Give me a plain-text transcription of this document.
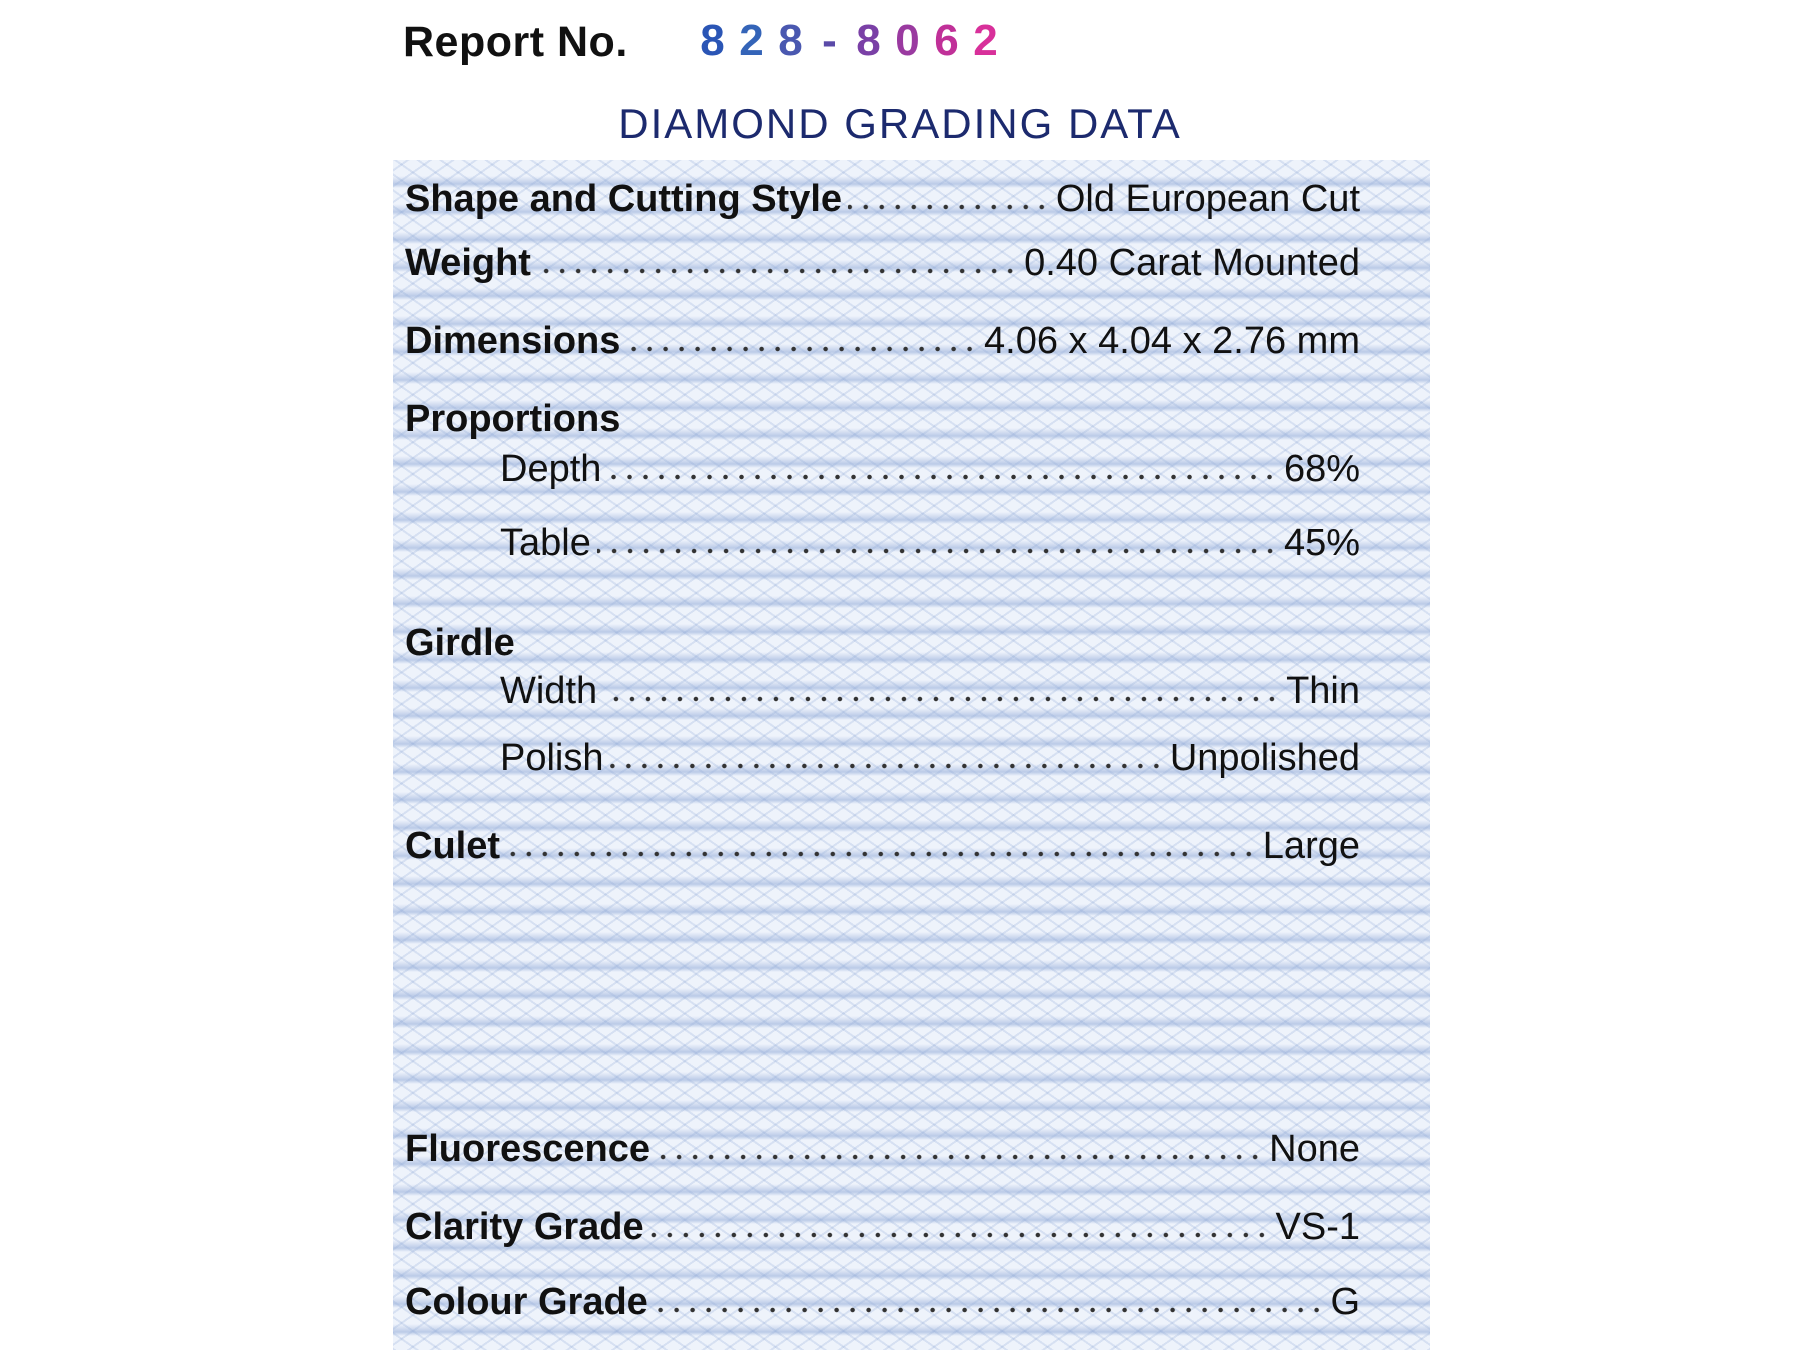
Report No. 8 2 8 - 8 0 6 2
DIAMOND GRADING DATA
Shape and Cutting Style	Old European Cut
Weight	0.40 Carat Mounted
Dimensions	4.06 x 4.04 x 2.76 mm
Proportions
Depth	68%
Table	45%
Girdle
Width	Thin
Polish	Unpolished
Culet	Large
Fluorescence	None
Clarity Grade	VS-1
Colour Grade	G
